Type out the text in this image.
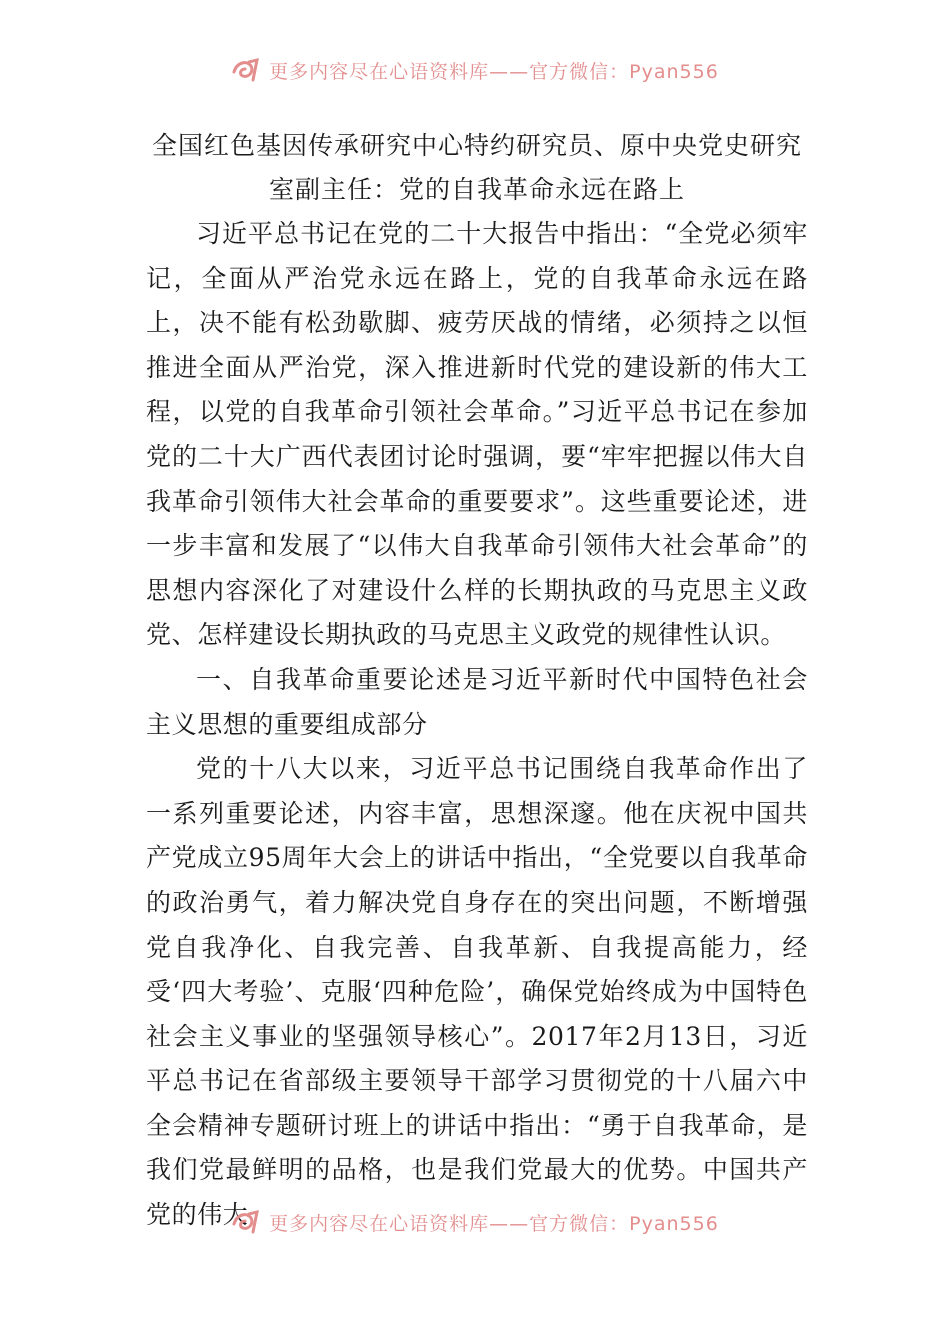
更多内容尽在心语资料库——官方微信：Pyan556
全国红色基因传承研究中心特约研究员、原中央党史研究
室副主任：党的自我革命永远在路上

习近平总书记在党的二十大报告中指出：“全党必须牢记，全面从严治党永远在路上，党的自我革命永远在路上，决不能有松劲歇脚、疲劳厌战的情绪，必须持之以恒推进全面从严治党，深入推进新时代党的建设新的伟大工程，以党的自我革命引领社会革命。”习近平总书记在参加党的二十大广西代表团讨论时强调，要“牢牢把握以伟大自我革命引领伟大社会革命的重要要求”。这些重要论述，进一步丰富和发展了“以伟大自我革命引领伟大社会革命”的思想内容深化了对建设什么样的长期执政的马克思主义政党、怎样建设长期执政的马克思主义政党的规律性认识。

一、自我革命重要论述是习近平新时代中国特色社会主义思想的重要组成部分

党的十八大以来，习近平总书记围绕自我革命作出了一系列重要论述，内容丰富，思想深邃。他在庆祝中国共产党成立95周年大会上的讲话中指出，“全党要以自我革命的政治勇气，着力解决党自身存在的突出问题，不断增强党自我净化、自我完善、自我革新、自我提高能力，经受‘四大考验’、克服‘四种危险’，确保党始终成为中国特色社会主义事业的坚强领导核心”。2017年2月13日，习近平总书记在省部级主要领导干部学习贯彻党的十八届六中全会精神专题研讨班上的讲话中指出：“勇于自我革命，是我们党最鲜明的品格，也是我们党最大的优势。中国共产党的伟大	更多内容尽在心语资料库——官方微信：Pyan556
